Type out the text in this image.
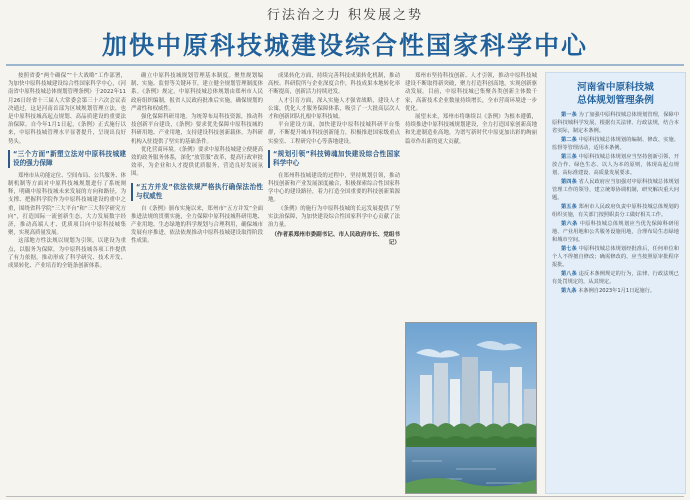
行法治之力 积发展之势
加快中原科技城建设综合性国家科学中心

按照省委“两个确保”“十大战略”工作部署，为加快中原科技城建设综合性国家科学中心，《河南省中原科技城总体规划管理条例》于2022年11月26日经省十三届人大常委会第三十六次会议表决通过，这是河南首部为区域规划管理立法，也是中原科技城高起点规划、高品质建设的重要法治保障。自今年1月1日起，《条例》正式施行以来，中原科技城管理水平显著提升，呈现出良好势头。

“三个方面”新塑立法对中原科技城建设的强力保障

郑州市从功能定位、空间布局、公共服务、体制机制等方面对中原科技城规划进行了系统阐释，明确中原科技城未来发展的方向和路径，为支撑、把握科学院作为中原科技城建设的重中之重，围绕省科学院“三大平台”和“三大科学研究方向”，打造国际一流创新生态，大力发展数字经济，推动高端人才、优质项目向中原科技城集聚，实现高质量发展。

这部地方性法规以规划为引领，以建设为重点，以服务为保障，为中原科技城各项工作提供了有力依据，推动形成了科学研究、技术开发、成果转化、产业培育的全链条创新体系。

确立中原科技城规划管理基本制度。聚焦规划编制、实施、监督等关键环节，建立健全规划管理制度体系。《条例》规定，中原科技城总体规划由郑州市人民政府组织编制，报省人民政府批准后实施，确保规划的严肃性和权威性。

强化保障科研用地。为统筹布局科技资源，推动科技创新平台建设，《条例》要求优先保障中原科技城的科研用地、产业用地，支持建设科技创新载体，为科研机构入驻提供了坚实的基础条件。

优化营商环境。《条例》要求中原科技城建立便捷高效的政务服务体系，深化“放管服”改革，提高行政审批效率，为企业和人才提供优质服务，营造良好发展氛围。

“五方并发”依法依规严格执行确保法治性与权威性

自《条例》颁布实施以来，郑州市“五方并发”全面推进法规的贯彻实施，全力保障中原科技城科研用地、产业用地、生态绿地的科学规划与合理利用，确保城市发展有序推进，依法依规推动中原科技城建设取得阶段性成果。

成果转化方面，持续完善科技成果转化机制，推动高校、科研院所与企业深度合作，科技成果本地转化率不断提高，创新活力持续迸发。

人才引育方面，深入实施人才强省战略，建设人才公寓，优化人才服务保障体系，吸引了一大批高层次人才和创新团队扎根中原科技城。

平台建设方面，加快建设中原科技城科研平台集群，不断提升城市科技创新能力，积极推进国家级重点实验室、工程研究中心等落地建设。

“规划引领”科技铸魂加快建设综合性国家科学中心

在郑州科技城建设的过程中，坚持规划引领，推动科技创新和产业发展深度融合，积极探索综合性国家科学中心的建设路径，着力打造全国重要的科技创新策源地。

《条例》的施行为中原科技城的长远发展提供了坚实法治保障，为加快建设综合性国家科学中心贡献了法治力量。

（作者系郑州市委副书记、市人民政府市长、党组书记）

郑州市坚持科技创新、人才引领，推动中原科技城建设不断取得新突破，聚力打造科创高地，实现创新驱动发展。目前，中原科技城已集聚各类创新主体数千家，高新技术企业数量持续增长，全市营商环境进一步优化。

展望未来，郑州市将继续以《条例》为根本遵循，持续推进中原科技城规划建设，全力打造国家创新高地和先进制造业高地，为谱写新时代中原更加出彩的绚丽篇章作出新的更大贡献。

河南省中原科技城
总体规划管理条例

第一条 为了加强中原科技城总体规划管理，保障中原科技城科学发展，根据有关法律、行政法规，结合本省实际，制定本条例。

第二条 中原科技城总体规划的编制、修改、实施、监督等管理活动，适用本条例。

第三条 中原科技城总体规划应当坚持创新引领、开放合作、绿色生态、以人为本的原则，体现高起点规划、高标准建设、高质量发展要求。

第四条 省人民政府应当加强对中原科技城总体规划管理工作的领导，建立统筹协调机制，研究解决重大问题。

第五条 郑州市人民政府负责中原科技城总体规划的组织实施，有关部门按照职责分工做好相关工作。

第六条 中原科技城总体规划应当优先保障科研用地、产业用地和公共服务设施用地，合理布局生态绿地和城市空间。

第七条 中原科技城总体规划经批准后，任何单位和个人不得擅自修改；确需修改的，应当按照原审批程序报批。

第八条 违反本条例规定的行为，法律、行政法规已有处罚规定的，从其规定。

第九条 本条例自2023年1月1日起施行。
